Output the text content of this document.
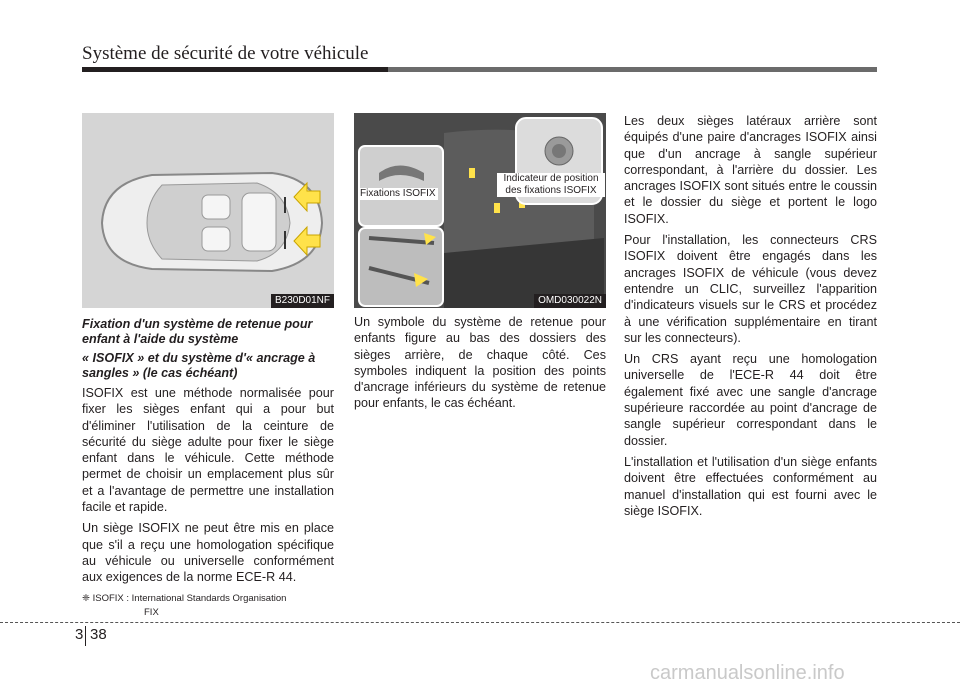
Système de sécurité de votre véhicule
B230D01NF
Fixations ISOFIX
Indicateur de position des fixations ISOFIX
OMD030022N

Fixation d'un système de retenue pour enfant à l'aide du système

« ISOFIX » et du système d'« ancrage à sangles » (le cas échéant)

ISOFIX est une méthode normalisée pour fixer les sièges enfant qui a pour but d'éliminer l'utilisation de la ceinture de sécurité du siège adulte pour fixer le siège enfant dans le véhicule. Cette méthode permet de choisir un emplacement plus sûr et a l'avantage de permettre une installation facile et rapide.

Un siège ISOFIX ne peut être mis en place que s'il a reçu une homologation spécifique au véhicule ou universelle conformément aux exigences de la norme ECE-R 44.

❈ ISOFIX : International Standards Organisation
FIX

Un symbole du système de retenue pour enfants figure au bas des dossiers des sièges arrière, de chaque côté. Ces symboles indiquent la position des points d'ancrage inférieurs du système de retenue pour enfants, le cas échéant.

Les deux sièges latéraux arrière sont équipés d'une paire d'ancrages ISOFIX ainsi que d'un ancrage à sangle supérieur correspondant, à l'arrière du dossier. Les ancrages ISOFIX sont situés entre le coussin et le dossier du siège et portent le logo ISOFIX.

Pour l'installation, les connecteurs CRS ISOFIX doivent être engagés dans les ancrages ISOFIX de véhicule (vous devez entendre un CLIC, surveillez l'apparition d'indicateurs visuels sur le CRS et procédez à une vérification supplémentaire en tirant sur les connecteurs).

Un CRS ayant reçu une homologation universelle de l'ECE-R 44 doit être également fixé avec une sangle d'ancrage supérieure raccordée au point d'ancrage de sangle supérieur correspondant dans le dossier.

L'installation et l'utilisation d'un siège enfants doivent être effectuées conformément au manuel d'installation qui est fourni avec le siège ISOFIX.

3 38
carmanualsonline.info
